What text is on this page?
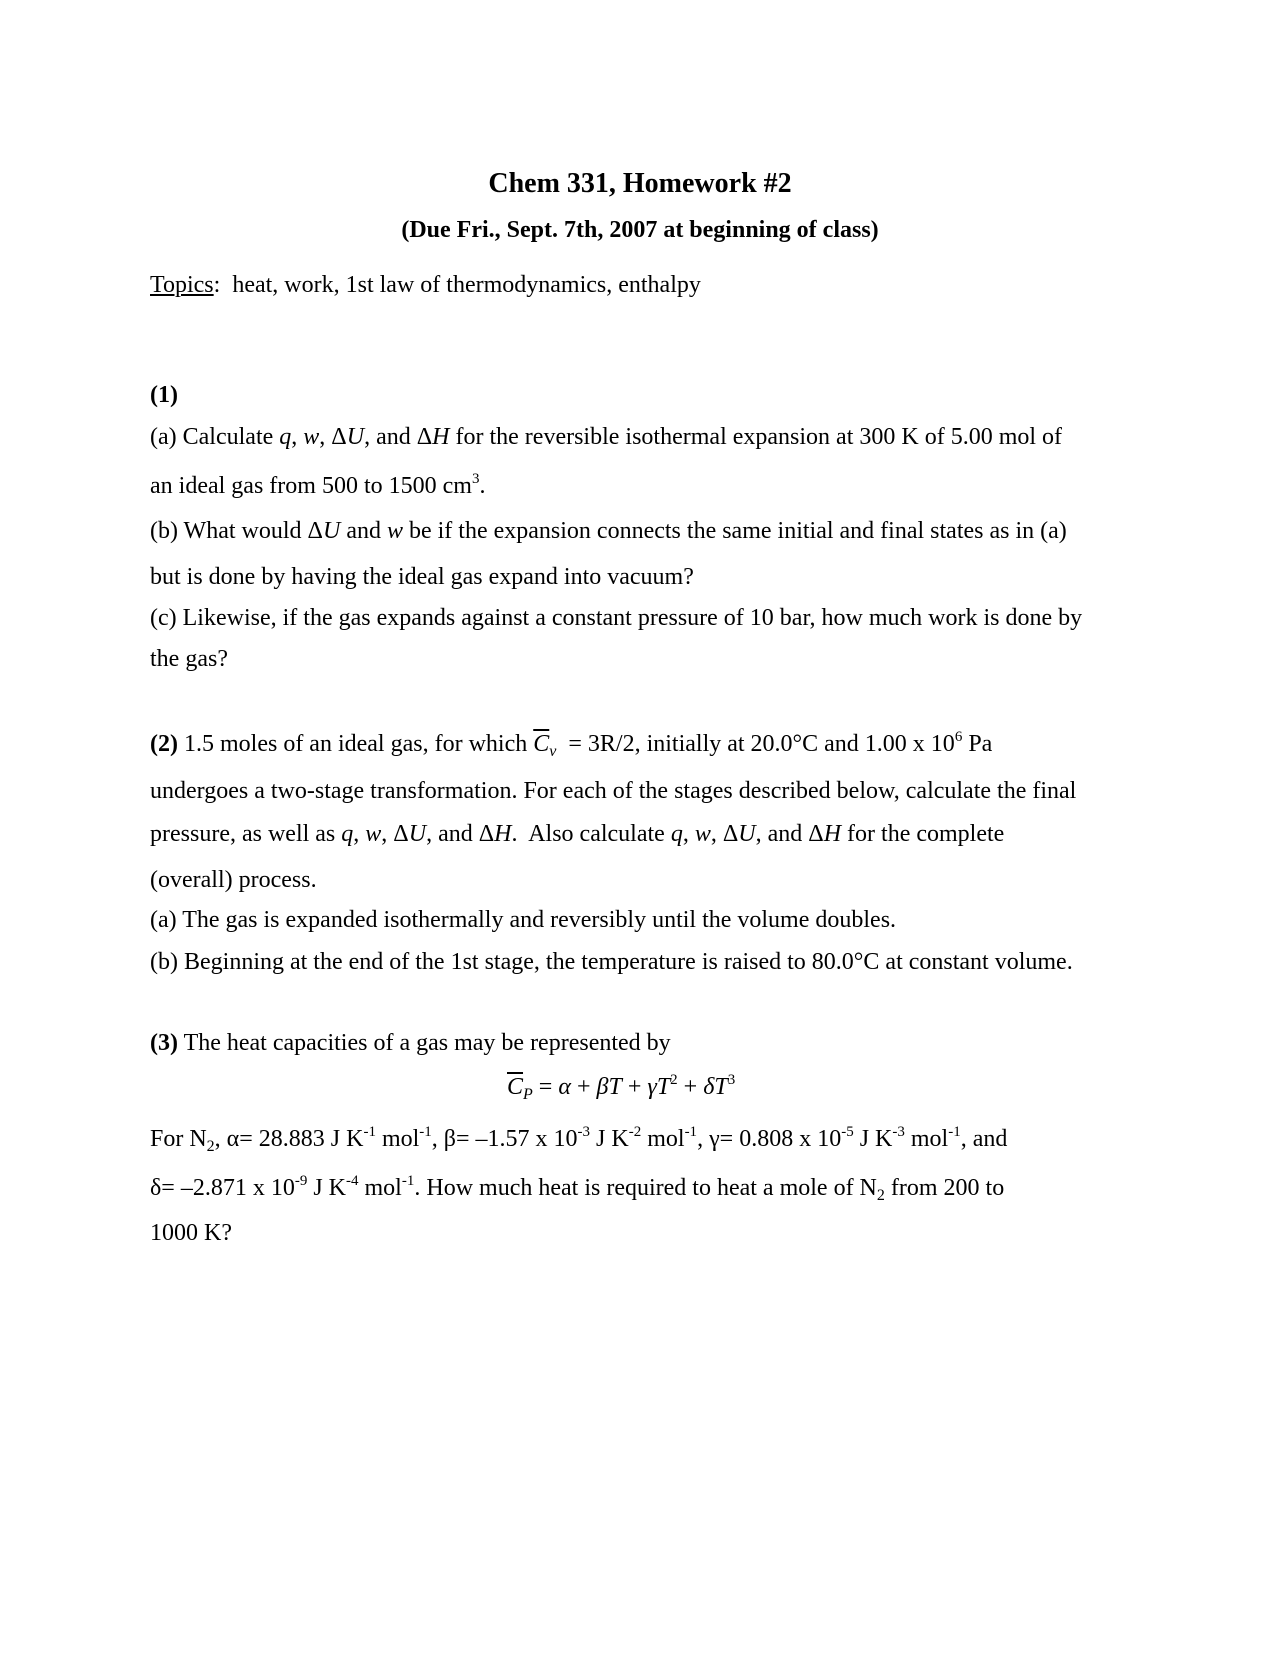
Chem 331, Homework #2
(Due Fri., Sept. 7th, 2007 at beginning of class)
Topics:  heat, work, 1st law of thermodynamics, enthalpy
(1)
(a) Calculate q, w, ΔU, and ΔH for the reversible isothermal expansion at 300 K of 5.00 mol of
an ideal gas from 500 to 1500 $cm^3$.
(b) What would ΔU and w be if the expansion connects the same initial and final states as in (a)
but is done by having the ideal gas expand into vacuum?
(c) Likewise, if the gas expands against a constant pressure of 10 bar, how much work is done by
the gas?
(2) 1.5 moles of an ideal gas, for which $\overline{C}_v = 3R/2$, initially at 20.0°C and 1.00 x $10^6$ Pa
undergoes a two-stage transformation. For each of the stages described below, calculate the final
pressure, as well as q, w, ΔU, and ΔH.  Also calculate q, w, ΔU, and ΔH for the complete
(overall) process.
(a) The gas is expanded isothermally and reversibly until the volume doubles.
(b) Beginning at the end of the 1st stage, the temperature is raised to 80.0°C at constant volume.
(3) The heat capacities of a gas may be represented by
$\overline{C}_P = \alpha + \beta T + \gamma T^2 + \delta T^3$
For $N_2$, α= 28.883 J $K^{-1}$ mol$^{-1}$, β= –1.57 x $10^{-3}$ J $K^{-2}$ mol$^{-1}$, γ= 0.808 x $10^{-5}$ J $K^{-3}$ mol$^{-1}$, and
δ= –2.871 x $10^{-9}$ J $K^{-4}$ mol$^{-1}$. How much heat is required to heat a mole of $N_2$ from 200 to
1000 K?
